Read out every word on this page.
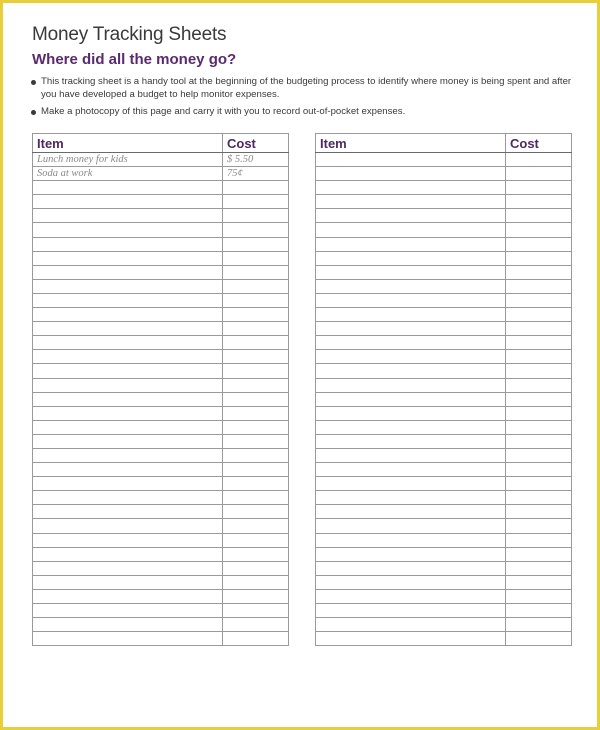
Money Tracking Sheets
Where did all the money go?
This tracking sheet is a handy tool at the beginning of the budgeting process to identify where money is being spent and after you have developed a budget to help monitor expenses.
Make a photocopy of this page and carry it with you to record out-of-pocket expenses.
Item	Cost
Lunch money for kids	$ 5.50
Soda at work	75¢

Item	Cost
